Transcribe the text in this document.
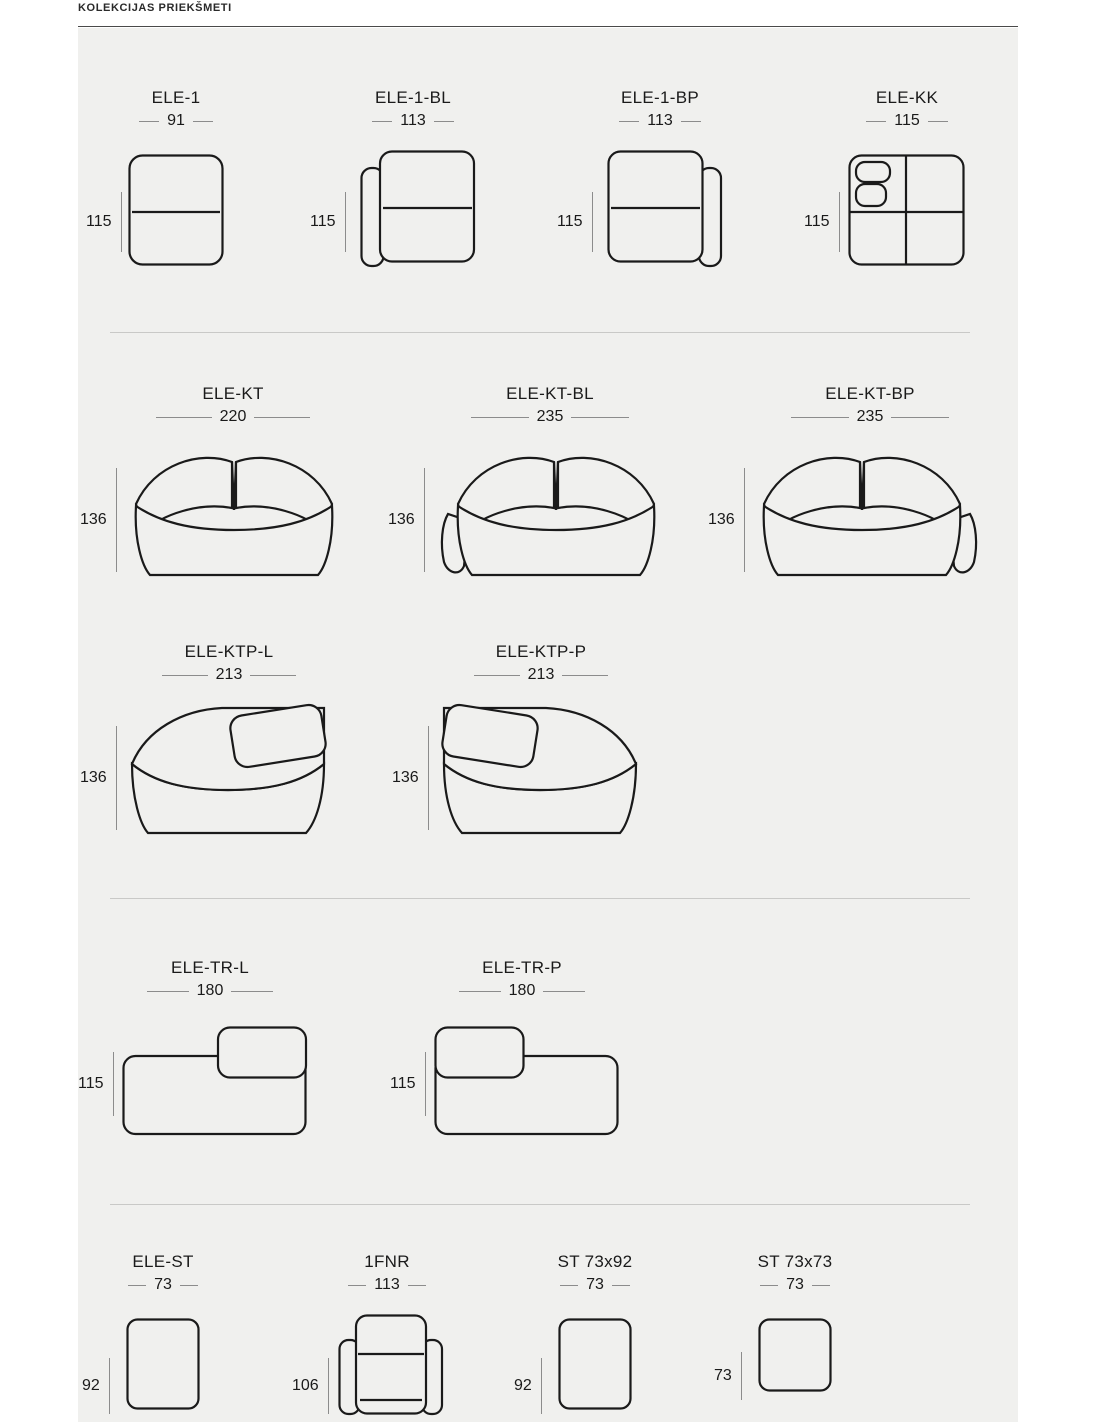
KOLEKCIJAS PRIEKŠMETI
ELE-1
91
115
ELE-1-BL
113
115
ELE-1-BP
113
115
ELE-KK
115
115
ELE-KT
220
136
ELE-KT-BL
235
136
ELE-KT-BP
235
136
ELE-KTP-L
213
136
ELE-KTP-P
213
136
ELE-TR-L
180
115
ELE-TR-P
180
115
ELE-ST
73
92
1FNR
113
106
ST 73x92
73
92
ST 73x73
73
73
